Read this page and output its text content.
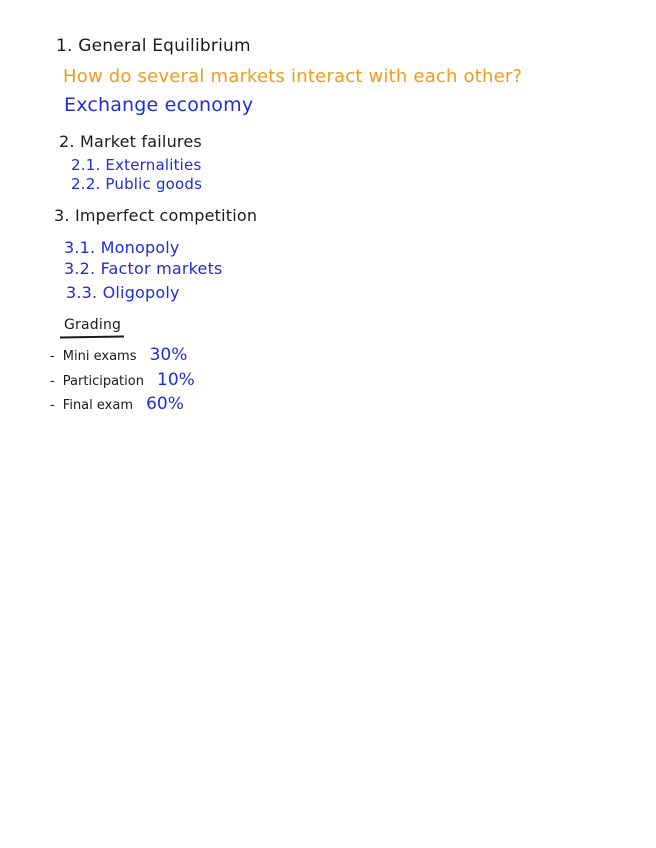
1. General Equilibrium
How do several markets interact with each other?
Exchange economy
2. Market failures
2.1. Externalities
2.2. Public goods
3. Imperfect competition
3.1. Monopoly
3.2. Factor markets
3.3. Oligopoly
Grading
- Mini exams 30%
- Participation 10%
- Final exam 60%
